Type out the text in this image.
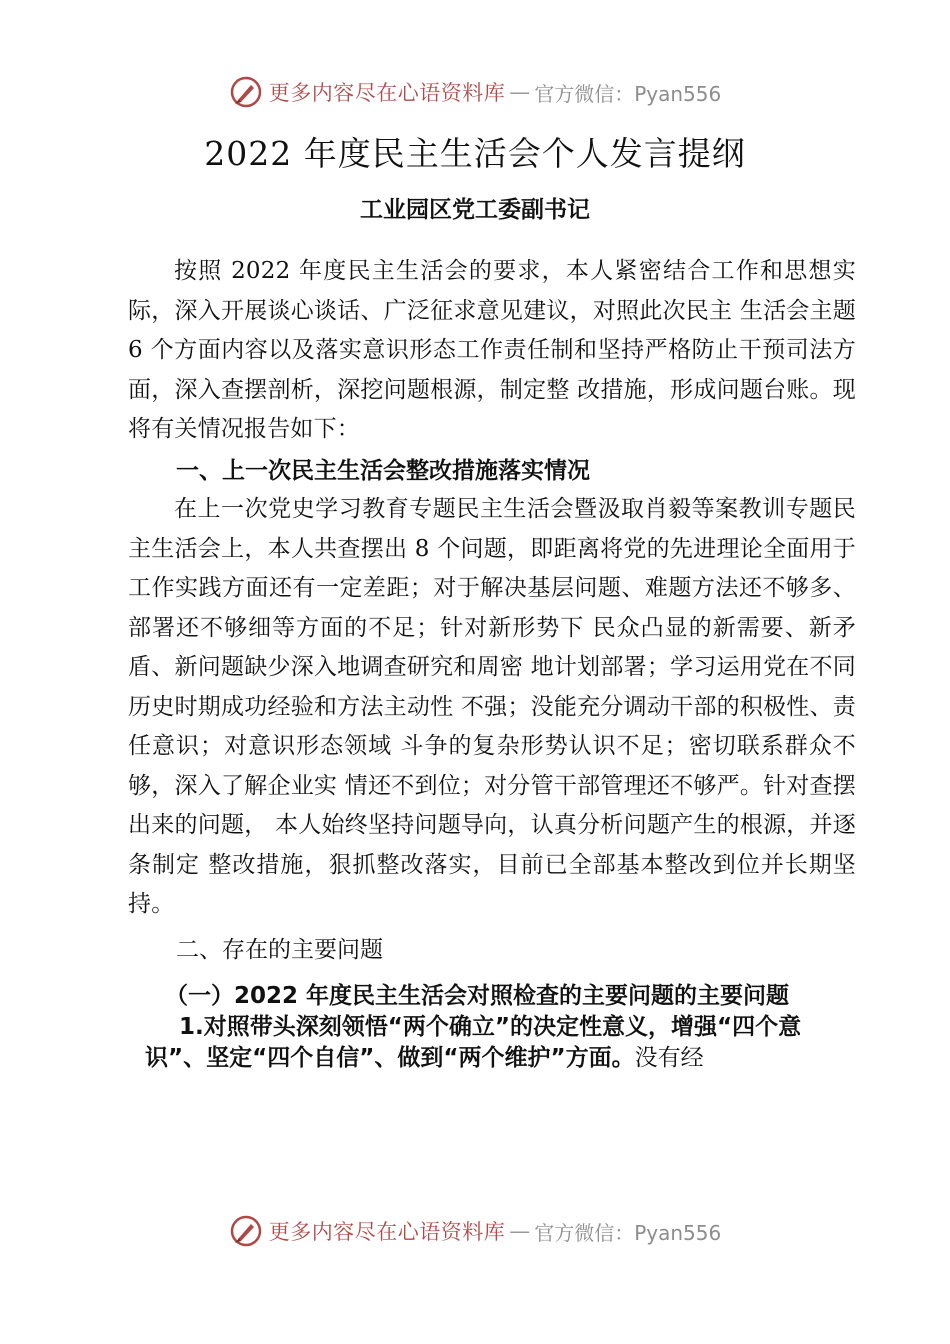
更多内容尽在心语资料库 — 官方微信：Pyan556
2022 年度民主生活会个人发言提纲
工业园区党工委副书记

按照 2022 年度民主生活会的要求，本人紧密结合工作和思想实际，深入开展谈心谈话、广泛征求意见建议，对照此次民主 生活会主题 6 个方面内容以及落实意识形态工作责任制和坚持严格防止干预司法方面，深入查摆剖析，深挖问题根源，制定整 改措施，形成问题台账。现将有关情况报告如下：

一、上一次民主生活会整改措施落实情况

在上一次党史学习教育专题民主生活会暨汲取肖毅等案教训专题民主生活会上，本人共查摆出 8 个问题，即距离将党的先进理论全面用于工作实践方面还有一定差距；对于解决基层问题、难题方法还不够多、部署还不够细等方面的不足；针对新形势下 民众凸显的新需要、新矛盾、新问题缺少深入地调查研究和周密 地计划部署；学习运用党在不同历史时期成功经验和方法主动性 不强；没能充分调动干部的积极性、责任意识；对意识形态领域 斗争的复杂形势认识不足；密切联系群众不够，深入了解企业实 情还不到位；对分管干部管理还不够严。针对查摆出来的问题， 本人始终坚持问题导向，认真分析问题产生的根源，并逐条制定 整改措施，狠抓整改落实，目前已全部基本整改到位并长期坚持。

二、存在的主要问题

（一）2022 年度民主生活会对照检查的主要问题的主要问题

1.对照带头深刻领悟“两个确立”的决定性意义，增强“四个意识”、坚定“四个自信”、做到“两个维护”方面。没有经

更多内容尽在心语资料库 — 官方微信：Pyan556
